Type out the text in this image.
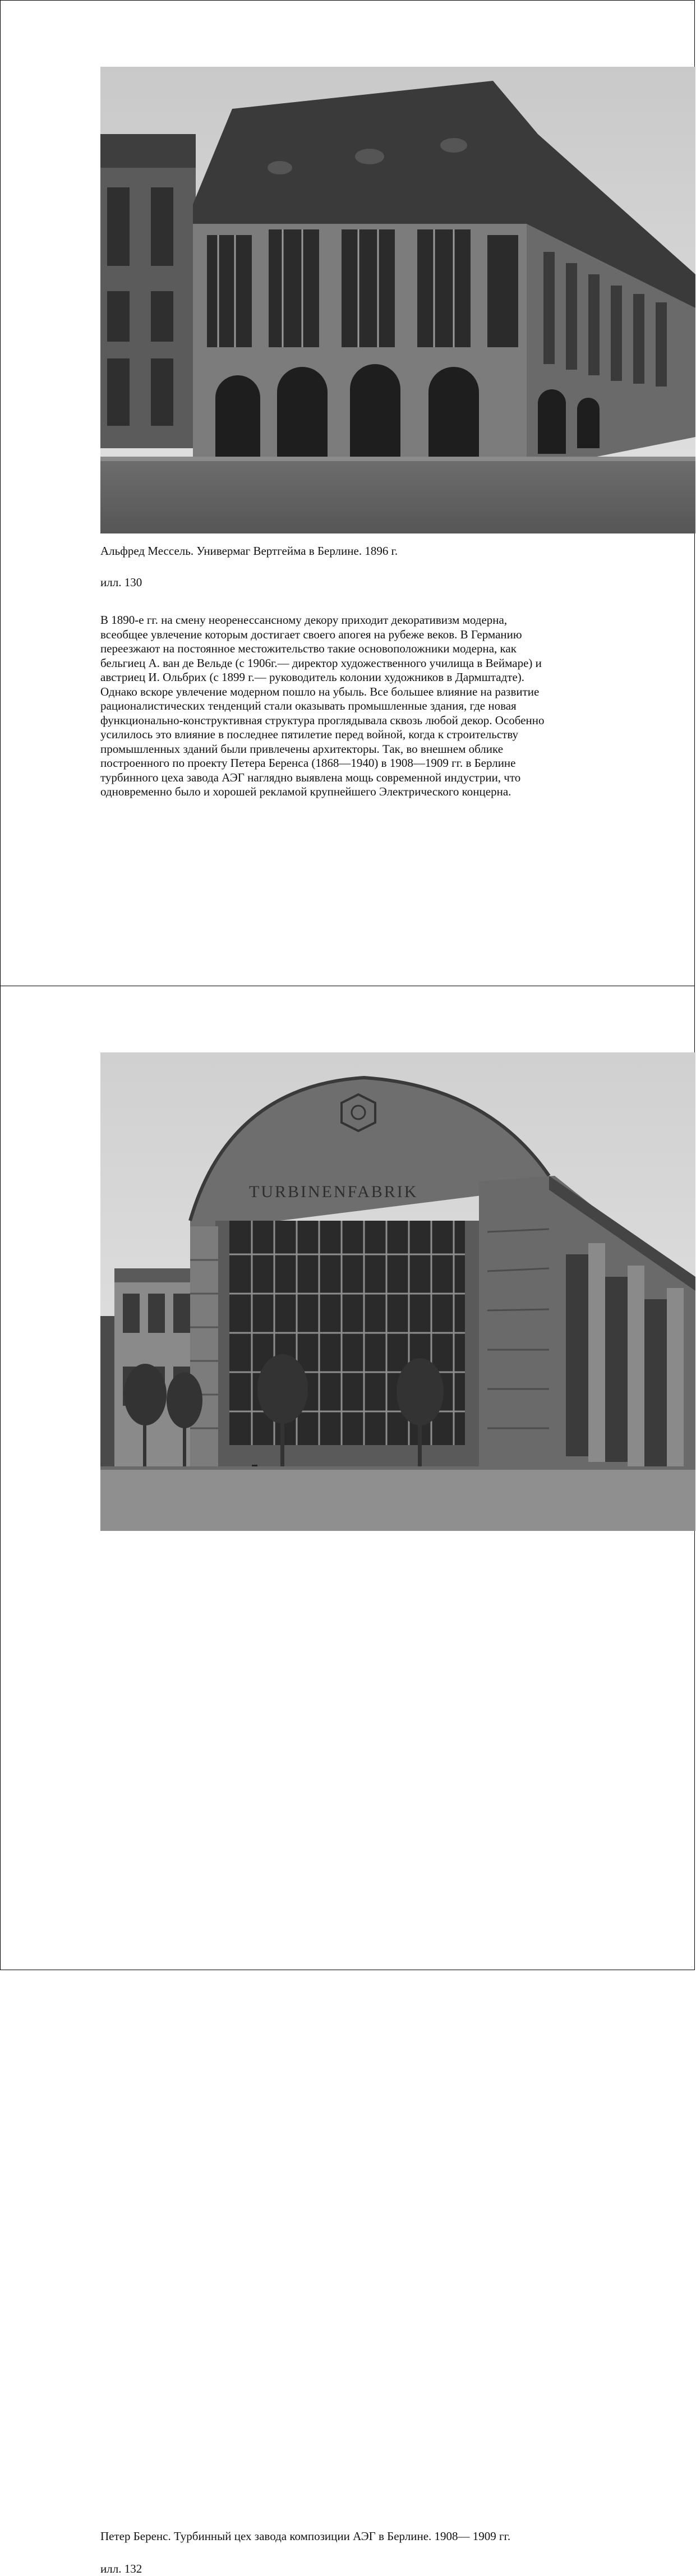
Альфред Мессель. Универмаг Вертгейма в Берлине. 1896 г.

илл. 130

В 1890-е гг. на смену неоренессансному декору приходит декоративизм модерна,
всеобщее увлечение которым достигает своего апогея на рубеже веков. В Германию
переезжают на постоянное местожительство такие основоположники модерна, как
бельгиец А. ван де Вельде (с 1906г.— директор художественного училища в Веймаре) и
австриец И. Ольбрих (с 1899 г.— руководитель колонии художников в Дармштадте).
Однако вскоре увлечение модерном пошло на убыль. Все большее влияние на развитие
рационалистических тенденций стали оказывать промышленные здания, где новая
функционально-конструктивная структура проглядывала сквозь любой декор. Особенно
усилилось это влияние в последнее пятилетие перед войной, когда к строительству
промышленных зданий были привлечены архитекторы. Так, во внешнем облике
построенного по проекту Петера Беренса (1868—1940) в 1908—1909 гг. в Берлине
турбинного цеха завода АЭГ наглядно выявлена мощь современной индустрии, что
одновременно было и хорошей рекламой крупнейшего Электрического концерна.
TURBINENFABRIK

Петер Беренс. Турбинный цех завода композиции АЭГ в Берлине. 1908— 1909 гг.

илл. 132
